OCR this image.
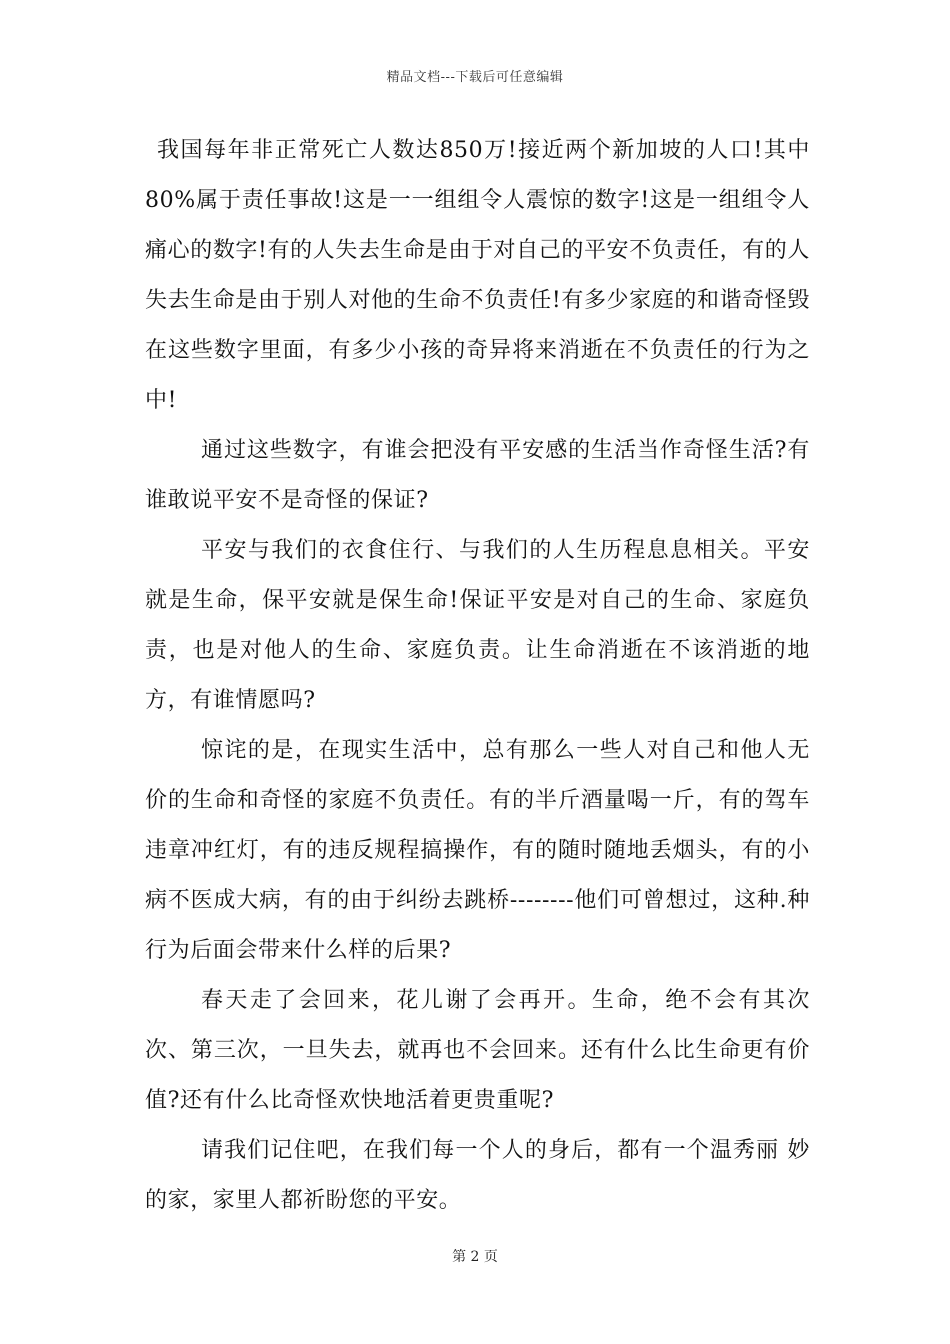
精品文档---下载后可任意编辑

我国每年非正常死亡人数达850万!接近两个新加坡的人口!其中80%属于责任事故!这是一一组组令人震惊的数字!这是一组组令人痛心的数字!有的人失去生命是由于对自己的平安不负责任，有的人失去生命是由于别人对他的生命不负责任!有多少家庭的和谐奇怪毁在这些数字里面，有多少小孩的奇异将来消逝在不负责任的行为之中!

通过这些数字，有谁会把没有平安感的生活当作奇怪生活?有谁敢说平安不是奇怪的保证?

平安与我们的衣食住行、与我们的人生历程息息相关。平安就是生命，保平安就是保生命!保证平安是对自己的生命、家庭负责，也是对他人的生命、家庭负责。让生命消逝在不该消逝的地方，有谁情愿吗?

惊诧的是，在现实生活中，总有那么一些人对自己和他人无价的生命和奇怪的家庭不负责任。有的半斤酒量喝一斤，有的驾车违章冲红灯，有的违反规程搞操作，有的随时随地丢烟头，有的小病不医成大病，有的由于纠纷去跳桥--------他们可曾想过，这种.种行为后面会带来什么样的后果?

春天走了会回来，花儿谢了会再开。生命，绝不会有其次次、第三次，一旦失去，就再也不会回来。还有什么比生命更有价值?还有什么比奇怪欢快地活着更贵重呢?

请我们记住吧，在我们每一个人的身后，都有一个温秀丽 妙的家，家里人都祈盼您的平安。

第 2 页
